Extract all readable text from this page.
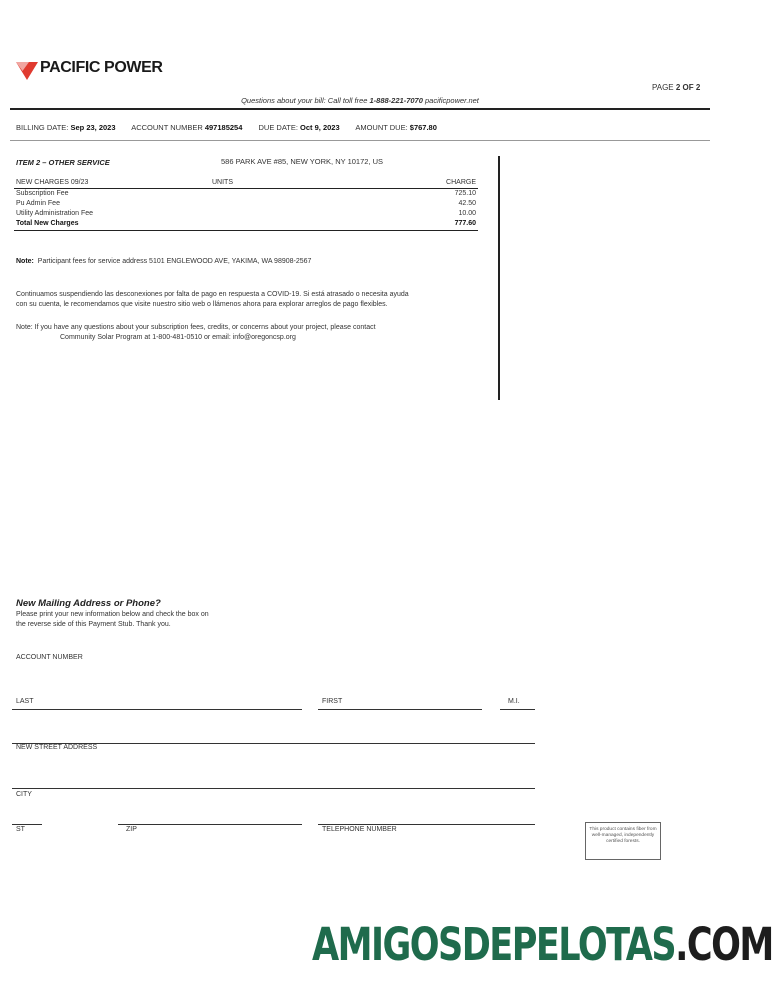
PACIFIC POWER
PAGE 2 OF 2
Questions about your bill: Call toll free 1-888-221-7070 pacificpower.net
BILLING DATE: Sep 23, 2023 ACCOUNT NUMBER 497185254 DUE DATE: Oct 9, 2023 AMOUNT DUE: $767.80
ITEM 2 – OTHER SERVICE	586 PARK AVE #85, NEW YORK, NY 10172, US
NEW CHARGES 09/23	UNITS	CHARGE
Subscription Fee	725.10
Pu Admin Fee	42.50
Utility Administration Fee	10.00
Total New Charges	777.60
Note: Participant fees for service address 5101 ENGLEWOOD AVE, YAKIMA, WA 98908-2567
Continuamos suspendiendo las desconexiones por falta de pago en respuesta a COVID-19. Si está atrasado o necesita ayuda
con su cuenta, le recomendamos que visite nuestro sitio web o llámenos ahora para explorar arreglos de pago flexibles.
Note: If you have any questions about your subscription fees, credits, or concerns about your project, please contact
Community Solar Program at 1-800-481-0510 or email: info@oregoncsp.org
New Mailing Address or Phone?
Please print your new information below and check the box on
the reverse side of this Payment Stub. Thank you.
ACCOUNT NUMBER
LAST	FIRST	M.I.
NEW STREET ADDRESS
CITY
ST	ZIP	TELEPHONE NUMBER	This product contains fiber from well-managed, independently certified forests.
AMIGOSDEPELOTAS.COM
